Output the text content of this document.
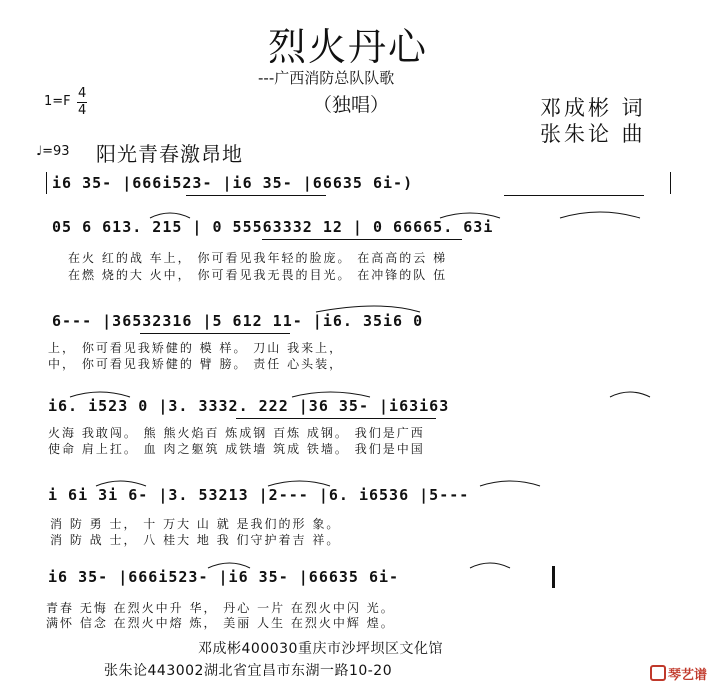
烈火丹心
---广西消防总队队歌
（独唱）	邓成彬 词
张朱论 曲
1=F
4
4
♩=93 阳光青春激昂地
i6 35- |666i523- |i6 35- |66635 6i-)
05 6 613. 215 | 0 55563332 12 | 0 66665. 63i
在火 红的战 车上， 你可看见我年轻的脸庞。 在高高的云 梯
在燃 烧的大 火中， 你可看见我无畏的目光。 在冲锋的队 伍
6--- |36532316 |5 612 11- |i6. 35i6 0
上， 你可看见我矫健的 模 样。 刀山 我来上，
中， 你可看见我矫健的 臂 膀。 责任 心头装，
i6. i523 0 |3. 3332. 222 |36 35- |i63i63
火海 我敢闯。 熊 熊火焰百 炼成钢 百炼 成钢。 我们是广西
使命 肩上扛。 血 肉之躯筑 成铁墙 筑成 铁墙。 我们是中国
i 6i 3i 6- |3. 53213 |2--- |6. i6536 |5---
消 防 勇 士， 十 万大 山 就 是我们的形 象。
消 防 战 士， 八 桂大 地 我 们守护着吉 祥。
i6 35- |666i523- |i6 35- |66635 6i-
青春 无悔 在烈火中升 华， 丹心 一片 在烈火中闪 光。
满怀 信念 在烈火中熔 炼， 美丽 人生 在烈火中辉 煌。
邓成彬400030重庆市沙坪坝区文化馆
张朱论443002湖北省宜昌市东湖一路10-20	琴艺谱
